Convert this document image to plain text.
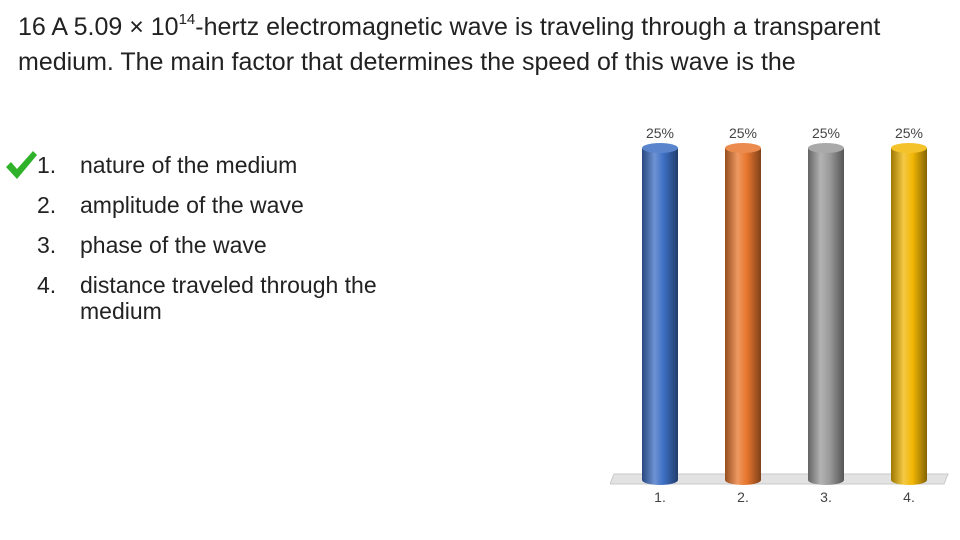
16 A $5.09 \times 10^{14}$-hertz electromagnetic wave is traveling through a transparent medium. The main factor that determines the speed of this wave is the

1. nature of the medium
2. amplitude of the wave
3. phase of the wave
4. distance traveled through the medium
25%
1.
25%
2.
25%
3.
25%
4.
